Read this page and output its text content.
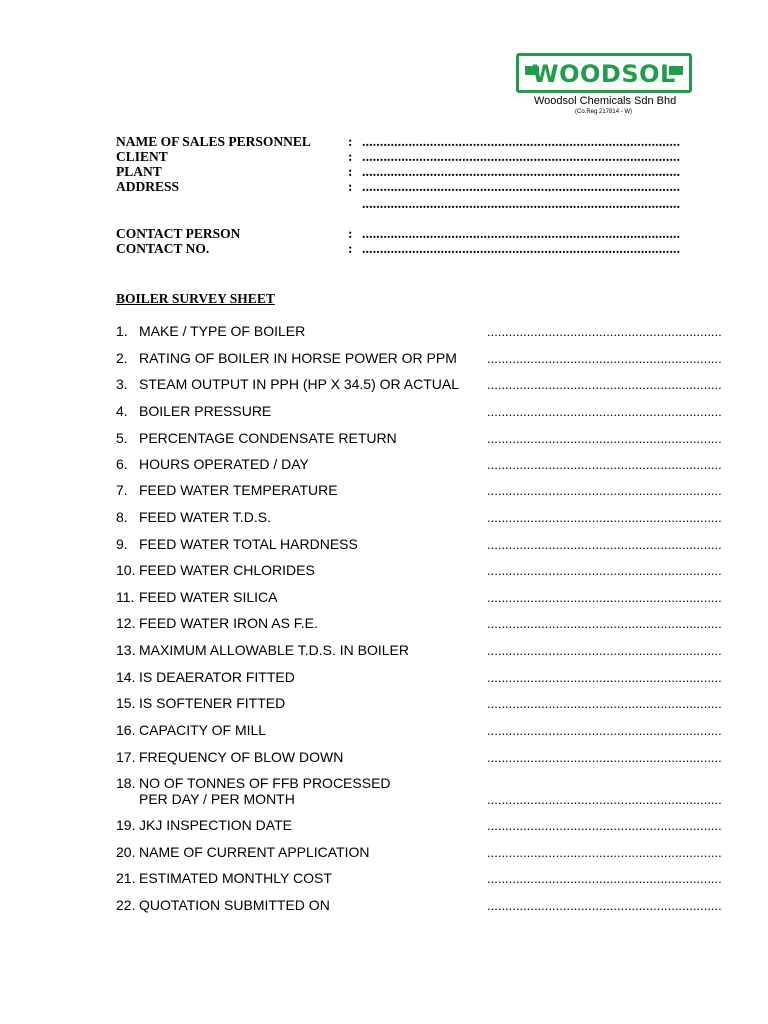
WOODSOL
Woodsol Chemicals Sdn Bhd
(Co.Reg 217814 - W)
NAME OF SALES PERSONNEL	: .........................................................................................
CLIENT	: .........................................................................................
PLANT	: .........................................................................................
ADDRESS	: .........................................................................................
.........................................................................................
CONTACT PERSON	: .........................................................................................
CONTACT NO.	: .........................................................................................
BOILER SURVEY SHEET
1. MAKE / TYPE OF BOILER	.................................................................
2. RATING OF BOILER IN HORSE POWER OR PPM .................................................................
3. STEAM OUTPUT IN PPH (HP X 34.5) OR ACTUAL .................................................................
4. BOILER PRESSURE	.................................................................
5. PERCENTAGE CONDENSATE RETURN	.................................................................
6. HOURS OPERATED / DAY	.................................................................
7. FEED WATER TEMPERATURE	.................................................................
8. FEED WATER T.D.S.	.................................................................
9. FEED WATER TOTAL HARDNESS	.................................................................
10. FEED WATER CHLORIDES	.................................................................
11. FEED WATER SILICA	.................................................................
12. FEED WATER IRON AS F.E.	.................................................................
13. MAXIMUM ALLOWABLE T.D.S. IN BOILER	.................................................................
14. IS DEAERATOR FITTED	.................................................................
15. IS SOFTENER FITTED	.................................................................
16. CAPACITY OF MILL	.................................................................
17. FREQUENCY OF BLOW DOWN	.................................................................
18. NO OF TONNES OF FFB PROCESSED
PER DAY / PER MONTH	.................................................................
19. JKJ INSPECTION DATE	.................................................................
20. NAME OF CURRENT APPLICATION	.................................................................
21. ESTIMATED MONTHLY COST	.................................................................
22. QUOTATION SUBMITTED ON	.................................................................
